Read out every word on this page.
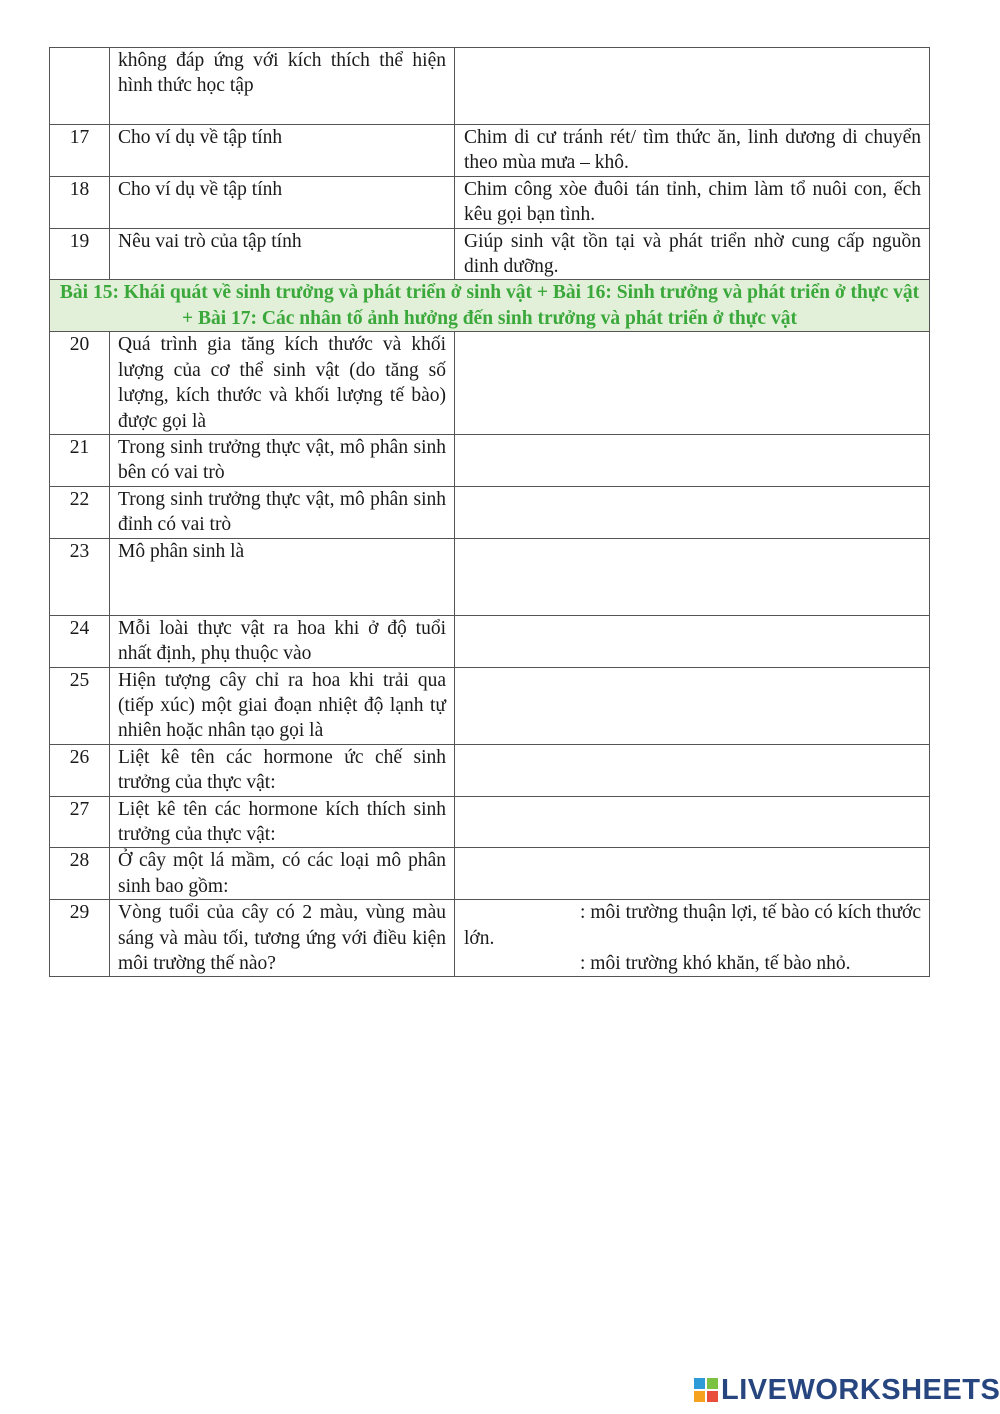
	không đáp ứng với kích thích thể hiện hình thức học tập	
17	Cho ví dụ về tập tính	Chim di cư tránh rét/ tìm thức ăn, linh dương di chuyển theo mùa mưa – khô.
18	Cho ví dụ về tập tính	Chim công xòe đuôi tán tỉnh, chim làm tổ nuôi con, ếch kêu gọi bạn tình.
19	Nêu vai trò của tập tính	Giúp sinh vật tồn tại và phát triển nhờ cung cấp nguồn dinh dưỡng.
Bài 15: Khái quát về sinh trưởng và phát triển ở sinh vật + Bài 16: Sinh trưởng và phát triển ở thực vật + Bài 17: Các nhân tố ảnh hưởng đến sinh trưởng và phát triển ở thực vật		
20	Quá trình gia tăng kích thước và khối lượng của cơ thể sinh vật (do tăng số lượng, kích thước và khối lượng tế bào) được gọi là	
21	Trong sinh trưởng thực vật, mô phân sinh bên có vai trò	
22	Trong sinh trưởng thực vật, mô phân sinh đỉnh có vai trò	
23	Mô phân sinh là	
24	Mỗi loài thực vật ra hoa khi ở độ tuổi nhất định, phụ thuộc vào	
25	Hiện tượng cây chỉ ra hoa khi trải qua (tiếp xúc) một giai đoạn nhiệt độ lạnh tự nhiên hoặc nhân tạo gọi là	
26	Liệt kê tên các hormone ức chế sinh trưởng của thực vật:	
27	Liệt kê tên các hormone kích thích sinh trưởng của thực vật:	
28	Ở cây một lá mầm, có các loại mô phân sinh bao gồm:	
29	Vòng tuổi của cây có 2 màu, vùng màu sáng và màu tối, tương ứng với điều kiện môi trường thế nào?	: môi trường thuận lợi, tế bào có kích thước lớn.
: môi trường khó khăn, tế bào nhỏ.
LIVEWORKSHEETS
